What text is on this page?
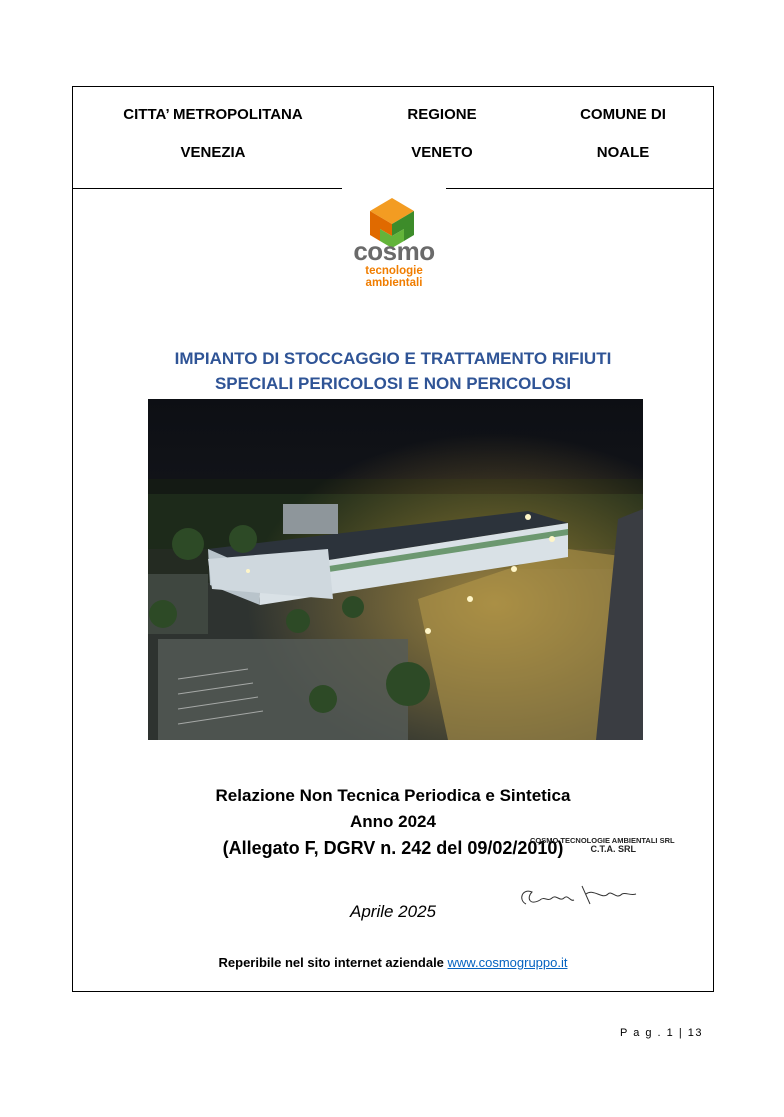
CITTA’ METROPOLITANA
VENEZIA
REGIONE
VENETO
COMUNE DI
NOALE
cosmo
tecnologie
ambientali
IMPIANTO DI STOCCAGGIO E TRATTAMENTO RIFIUTI
SPECIALI PERICOLOSI E NON PERICOLOSI
Relazione Non Tecnica Periodica e Sintetica
Anno 2024
(Allegato F, DGRV n. 242 del 09/02/2010)
COSMO TECNOLOGIE AMBIENTALI SRL
C.T.A. SRL
Aprile 2025
Reperibile nel sito internet aziendale www.cosmogruppo.it
P a g . 1 | 13
